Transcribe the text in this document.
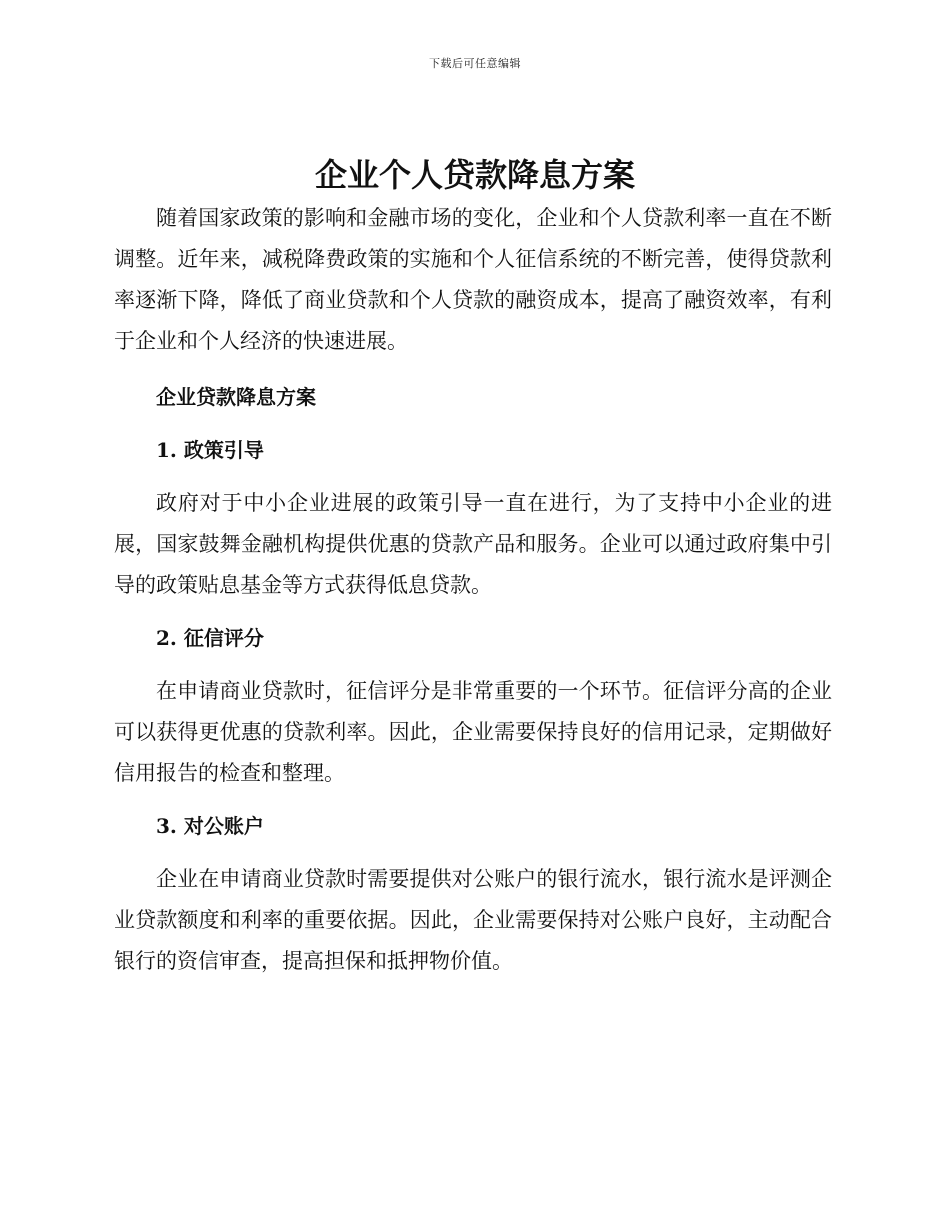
下载后可任意编辑
企业个人贷款降息方案

随着国家政策的影响和金融市场的变化，企业和个人贷款利率一直在不断调整。近年来，减税降费政策的实施和个人征信系统的不断完善，使得贷款利率逐渐下降，降低了商业贷款和个人贷款的融资成本，提高了融资效率，有利于企业和个人经济的快速进展。

企业贷款降息方案
1. 政策引导

政府对于中小企业进展的政策引导一直在进行，为了支持中小企业的进展，国家鼓舞金融机构提供优惠的贷款产品和服务。企业可以通过政府集中引导的政策贴息基金等方式获得低息贷款。

2. 征信评分

在申请商业贷款时，征信评分是非常重要的一个环节。征信评分高的企业可以获得更优惠的贷款利率。因此，企业需要保持良好的信用记录，定期做好信用报告的检查和整理。

3. 对公账户

企业在申请商业贷款时需要提供对公账户的银行流水，银行流水是评测企业贷款额度和利率的重要依据。因此，企业需要保持对公账户良好，主动配合银行的资信审查，提高担保和抵押物价值。
